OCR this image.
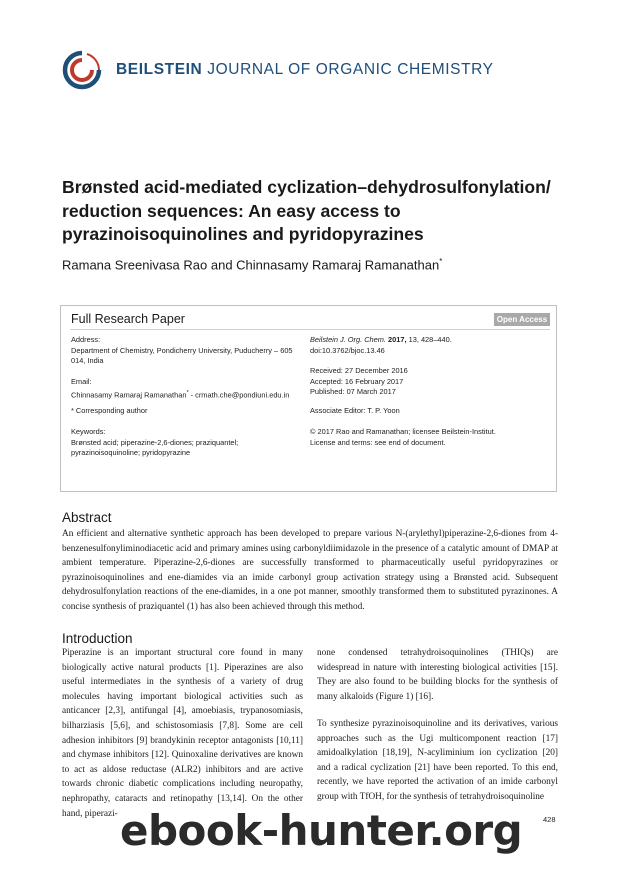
BEILSTEIN JOURNAL OF ORGANIC CHEMISTRY
Brønsted acid-mediated cyclization–dehydrosulfonylation/
reduction sequences: An easy access to
pyrazinoisoquinolines and pyridopyrazines
Ramana Sreenivasa Rao and Chinnasamy Ramaraj Ramanathan*
Full Research Paper	Open Access
Address:
Department of Chemistry, Pondicherry University, Puducherry – 605
014, India
Email:
Chinnasamy Ramaraj Ramanathan* - crmath.che@pondiuni.edu.in
* Corresponding author
Keywords:
Brønsted acid; piperazine-2,6-diones; praziquantel;
pyrazinoisoquinoline; pyridopyrazine
Beilstein J. Org. Chem. 2017, 13, 428–440.
doi:10.3762/bjoc.13.46
Received: 27 December 2016
Accepted: 16 February 2017
Published: 07 March 2017
Associate Editor: T. P. Yoon
© 2017 Rao and Ramanathan; licensee Beilstein-Institut.
License and terms: see end of document.
Abstract
An efficient and alternative synthetic approach has been developed to prepare various N-(arylethyl)piperazine-2,6-diones from 4-benzenesulfonyliminodiacetic acid and primary amines using carbonyldiimidazole in the presence of a catalytic amount of DMAP at ambient temperature. Piperazine-2,6-diones are successfully transformed to pharmaceutically useful pyridopyrazines or pyrazinoisoquinolines and ene-diamides via an imide carbonyl group activation strategy using a Brønsted acid. Subsequent dehydrosulfonylation reactions of the ene-diamides, in a one pot manner, smoothly transformed them to substituted pyrazinones. A concise synthesis of praziquantel (1) has also been achieved through this method.
Introduction
Piperazine is an important structural core found in many biologically active natural products [1]. Piperazines are also useful intermediates in the synthesis of a variety of drug molecules having important biological activities such as anticancer [2,3], antifungal [4], amoebiasis, trypanosomiasis, bilharziasis [5,6], and schistosomiasis [7,8]. Some are cell adhesion inhibitors [9] brandykinin receptor antagonists [10,11] and chymase inhibitors [12]. Quinoxaline derivatives are known to act as aldose reductase (ALR2) inhibitors and are active towards chronic diabetic complications including neuropathy, nephropathy, cataracts and retinopathy [13,14]. On the other hand, piperazi-
none condensed tetrahydroisoquinolines (THIQs) are widespread in nature with interesting biological activities [15]. They are also found to be building blocks for the synthesis of many alkaloids (Figure 1) [16].
To synthesize pyrazinoisoquinoline and its derivatives, various approaches such as the Ugi multicomponent reaction [17] amidoalkylation [18,19], N-acyliminium ion cyclization [20] and a radical cyclization [21] have been reported. To this end, recently, we have reported the activation of an imide carbonyl group with TfOH, for the synthesis of tetrahydroisoquinoline
428
ebook-hunter.org
